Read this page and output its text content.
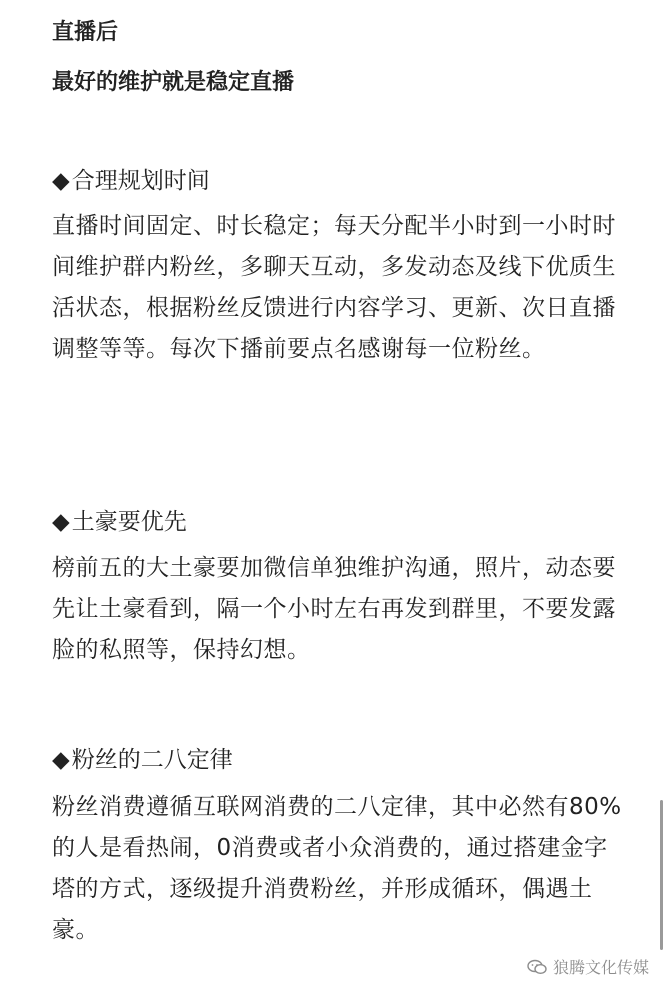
直播后
最好的维护就是稳定直播
◆合理规划时间

直播时间固定、时长稳定；每天分配半小时到一小时时间维护群内粉丝，多聊天互动，多发动态及线下优质生活状态，根据粉丝反馈进行内容学习、更新、次日直播调整等等。每次下播前要点名感谢每一位粉丝。

◆土豪要优先

榜前五的大土豪要加微信单独维护沟通，照片，动态要先让土豪看到，隔一个小时左右再发到群里，不要发露脸的私照等，保持幻想。

◆粉丝的二八定律

粉丝消费遵循互联网消费的二八定律，其中必然有80%的人是看热闹，0消费或者小众消费的，通过搭建金字塔的方式，逐级提升消费粉丝，并形成循环，偶遇土豪。

狼腾文化传媒
